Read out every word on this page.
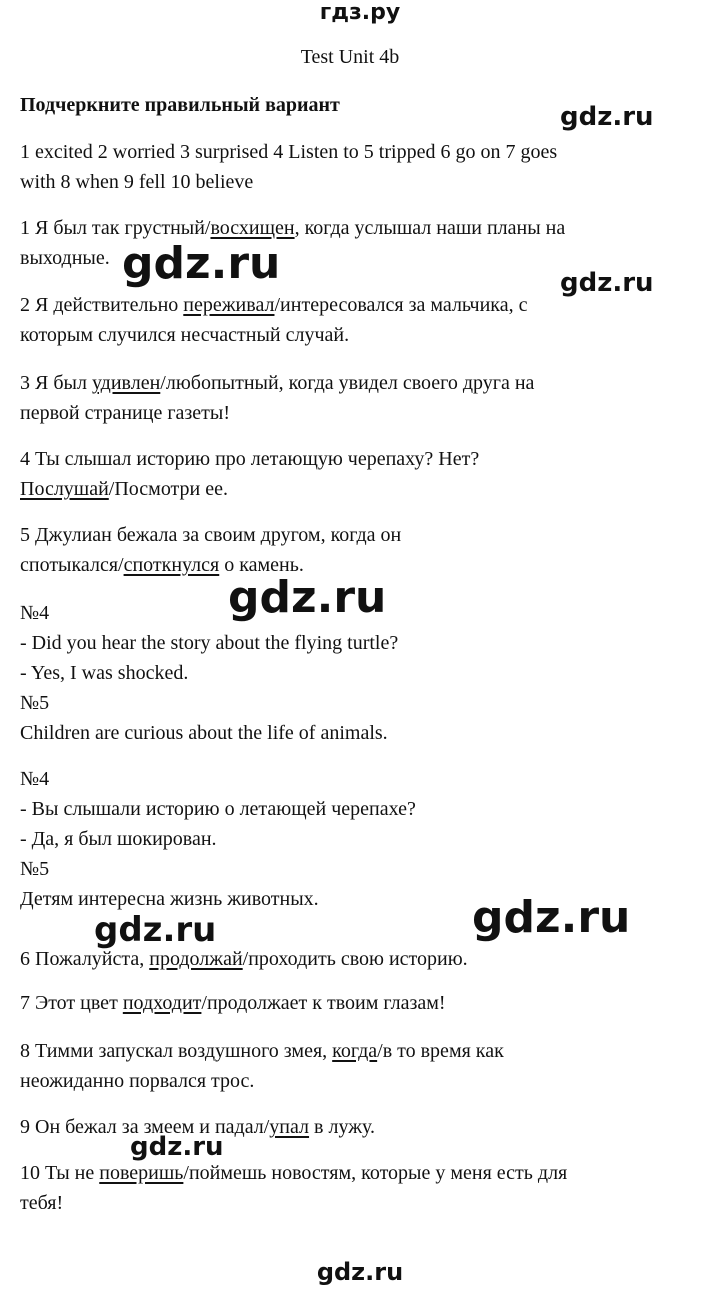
гдз.ру
Test Unit 4b
Подчеркните правильный вариант	gdz.ru
gdz.ru	gdz.ru
gdz.ru
gdz.ru	gdz.ru
gdz.ru
1 excited 2 worried 3 surprised 4 Listen to 5 tripped 6 go on 7 goes
with 8 when 9 fell 10 believe
1 Я был так грустный/восхищен, когда услышал наши планы на
выходные.
2 Я действительно переживал/интересовался за мальчика, с
которым случился несчастный случай.
3 Я был удивлен/любопытный, когда увидел своего друга на
первой странице газеты!
4 Ты слышал историю про летающую черепаху? Нет?
Послушай/Посмотри ее.
5 Джулиан бежала за своим другом, когда он
спотыкался/споткнулся о камень.
№4
- Did you hear the story about the flying turtle?
- Yes, I was shocked.
№5
Children are curious about the life of animals.
№4
- Вы слышали историю о летающей черепахе?
- Да, я был шокирован.
№5
Детям интересна жизнь животных.
6 Пожалуйста, продолжай/проходить свою историю.
7 Этот цвет подходит/продолжает к твоим глазам!
8 Тимми запускал воздушного змея, когда/в то время как
неожиданно порвался трос.
9 Он бежал за змеем и падал/упал в лужу.
10 Ты не поверишь/поймешь новостям, которые у меня есть для
тебя!
gdz.ru
